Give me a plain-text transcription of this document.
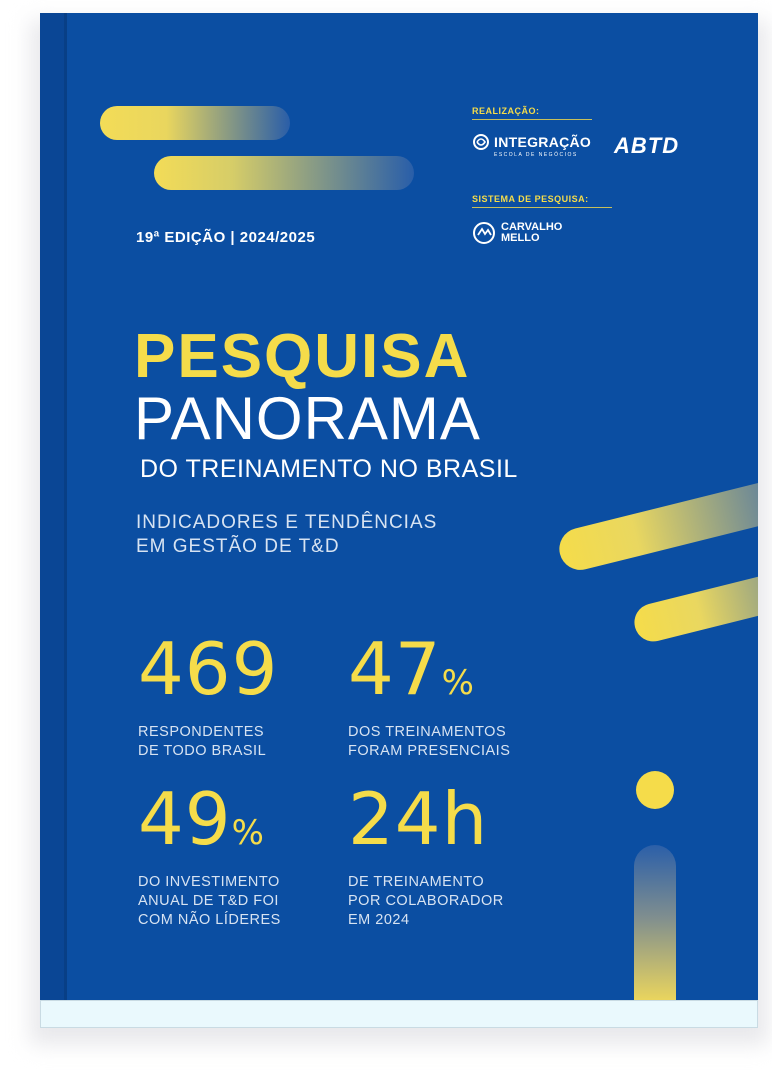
REALIZAÇÃO:
INTEGRAÇÃO
ESCOLA DE NEGÓCIOS	ABTD
SISTEMA DE PESQUISA:
CARVALHO
MELLO
19ª EDIÇÃO | 2024/2025
PESQUISA
PANORAMA
DO TREINAMENTO NO BRASIL
INDICADORES E TENDÊNCIAS
EM GESTÃO DE T&D
469
RESPONDENTES
DE TODO BRASIL
47%
DOS TREINAMENTOS
FORAM PRESENCIAIS
49%
DO INVESTIMENTO
ANUAL DE T&D FOI
COM NÃO LÍDERES
24h
DE TREINAMENTO
POR COLABORADOR
EM 2024
